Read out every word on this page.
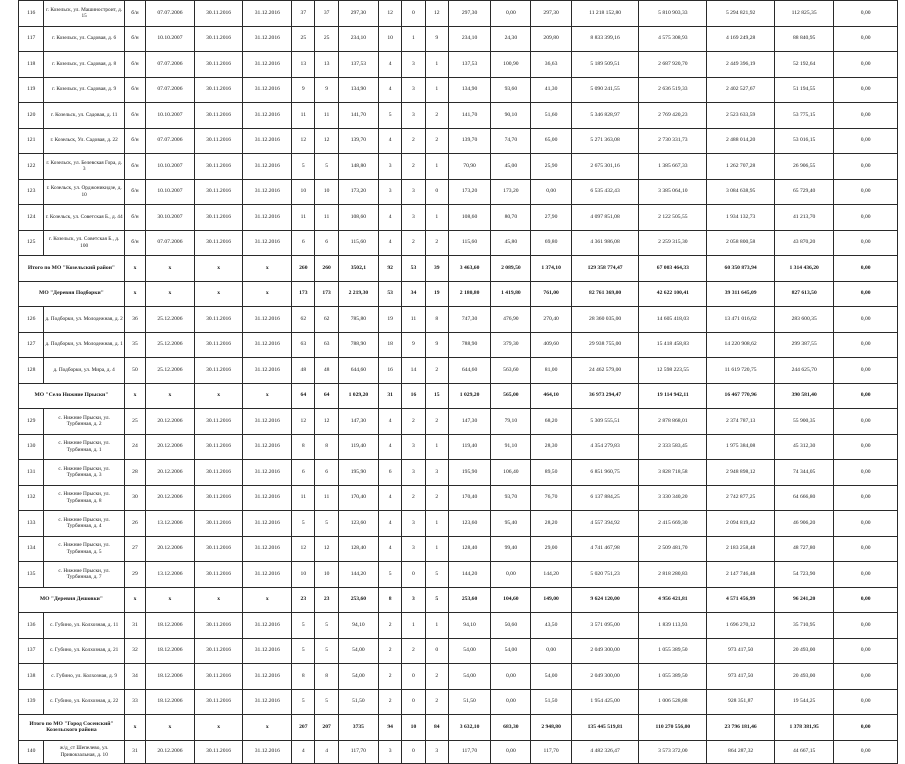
116	г. Козельск, ул. Машиностроит, д. 15	б/и	07.07.2006	30.11.2016	31.12.2016	37	37	297,30	12	0	12	297,30	0,00	297,30	11 218 152,80	5 810 903,33	5 294 821,92	112 825,35	0,00
117	г. Козельск, ул. Садовая, д. 6	б/н	10.10.2007	30.11.2016	31.12.2016	25	25	234,10	10	1	9	234,10	24,30	209,80	8 833 399,16	4 575 308,93	4 169 249,28	88 840,95	0,00
118	г. Козельск, ул. Садовая, д. 8	б/н	07.07.2006	30.11.2016	31.12.2016	13	13	137,53	4	3	1	137,53	100,90	36,63	5 189 509,51	2 687 920,70	2 449 396,19	52 192,64	0,00
119	г. Козельск, ул. Садовая, д. 9	б/н	07.07.2006	30.11.2016	31.12.2016	9	9	134,90	4	3	1	134,90	93,60	41,30	5 090 241,55	2 636 519,33	2 402 527,67	51 194,55	0,00
120	г. Козельск, ул. Садовая, д. 11	б/н	10.10.2007	30.11.2016	31.12.2016	11	11	141,70	5	3	2	141,70	90,10	51,60	5 346 828,97	2 769 420,23	2 523 633,59	53 775,15	0,00
121	г. Козельск, Ул. Садовая, д. 22	б/н	07.07.2006	30.11.2016	31.12.2016	12	12	139,70	4	2	2	139,70	74,70	65,00	5 271 363,08	2 730 331,73	2 488 014,20	53 016,15	0,00
122	г. Козельск, ул. Белевская Гора, д. 3	б/н	10.10.2007	30.11.2016	31.12.2016	5	5	148,80	3	2	1	70,90	45,00	25,90	2 675 301,16	1 385 667,33	1 262 707,28	26 906,55	0,00
123	г. Козельск, ул. Орджоникидзе, д. 10	б/н	10.10.2007	30.11.2016	31.12.2016	10	10	173,20	3	3	0	173,20	173,20	0,00	6 535 432,43	3 385 064,10	3 084 638,95	65 729,40	0,00
124	г. Козельск, ул. Советская Б., д. 44	б/н	30.10.2007	30.11.2016	31.12.2016	11	11	108,60	4	3	1	108,60	80,70	27,90	4 097 851,08	2 122 505,55	1 934 132,73	41 213,70	0,00
125	г. Козельск, ул. Советская Б., д. 100	б/н	07.07.2006	30.11.2016	31.12.2016	6	6	115,60	4	2	2	115,60	45,80	69,80	4 361 986,08	2 259 315,30	2 058 800,58	43 870,20	0,00
Итого по МО "Козельский район"		x	x	x	x	260	260	3502,1	92	53	39	3 463,60	2 089,50	1 374,10	129 358 774,47	67 003 464,33	60 350 873,94	1 314 436,20	0,00
МО "Деревня Подборки"		x	x	x	x	173	173	2 219,30	53	34	19	2 180,80	1 419,80	761,00	82 761 369,00	42 622 100,41	39 311 645,09	827 613,50	0,00
126	д. Подборки, ул. Молодежная, д. 2	36	25.12.2006	30.11.2016	31.12.2016	62	62	785,80	19	11	8	747,30	476,90	270,40	28 360 035,00	14 605 418,03	13 471 016,62	283 600,35	0,00
127	д. Подборки, ул. Молодежная, д. 1	35	25.12.2006	30.11.2016	31.12.2016	63	63	788,90	18	9	9	788,90	379,30	409,60	29 938 755,00	15 418 458,83	14 220 908,62	299 387,55	0,00
128	д. Подборки, ул. Мира, д. 4	50	25.12.2006	30.11.2016	31.12.2016	48	48	644,60	16	14	2	644,60	563,60	81,00	24 462 579,00	12 598 223,55	11 619 720,75	244 625,70	0,00
МО "Село Нижние Прыски"		x	x	x	x	64	64	1 029,20	31	16	15	1 029,20	565,00	464,10	36 973 294,47	19 114 942,11	16 467 770,96	390 581,40	0,00
129	с. Нижние Прыски, ул. Турбинная, д. 2	25	20.12.2006	30.11.2016	31.12.2016	12	12	147,30	4	2	2	147,30	79,10	68,20	5 309 555,51	2 878 868,01	2 374 787,13	55 900,35	0,00
130	с. Нижние Прыски, ул. Турбинная, д. 1	24	20.12.2006	30.11.2016	31.12.2016	8	8	119,40	4	3	1	119,40	91,10	28,30	4 354 279,83	2 333 583,45	1 975 384,08	45 312,30	0,00
131	с. Нижние Прыски, ул. Турбинная, д. 3	28	20.12.2006	30.11.2016	31.12.2016	6	6	195,90	6	3	3	195,90	106,40	89,50	6 851 960,75	3 828 718,58	2 948 898,12	74 344,05	0,00
132	с. Нижние Прыски, ул. Турбинная, д. 8	30	20.12.2006	30.11.2016	31.12.2016	11	11	170,40	4	2	2	170,40	93,70	76,70	6 137 884,25	3 330 340,20	2 742 877,25	64 666,80	0,00
133	с. Нижние Прыски, ул. Турбинная, д. 4	26	13.12.2006	30.11.2016	31.12.2016	5	5	123,60	4	3	1	123,60	95,40	28,20	4 557 394,92	2 415 669,30	2 094 819,42	46 906,20	0,00
134	с. Нижние Прыски, ул. Турбинная, д. 5	27	20.12.2006	30.11.2016	31.12.2016	12	12	128,40	4	3	1	128,40	99,40	29,00	4 741 467,98	2 509 481,70	2 183 258,48	48 727,80	0,00
135	с. Нижние Прыски, ул. Турбинная, д. 7	29	13.12.2006	30.11.2016	31.12.2016	10	10	144,20	5	0	5	144,20	0,00	144,20	5 020 751,23	2 818 280,83	2 147 746,48	54 723,90	0,00
МО "Деревня Дешовки"		x	x	x	x	23	23	253,60	8	3	5	253,60	104,60	149,00	9 624 120,00	4 956 421,81	4 571 456,99	96 241,20	0,00
136	с. Губино, ул. Колхозная, д. 11	31	18.12.2006	30.11.2016	31.12.2016	5	5	94,10	2	1	1	94,10	50,60	43,50	3 571 095,00	1 839 113,93	1 696 270,12	35 710,95	0,00
137	с. Губино, ул. Колхозная, д. 21	32	18.12.2006	30.11.2016	31.12.2016	5	5	54,00	2	2	0	54,00	54,00	0,00	2 049 300,00	1 055 389,50	973 417,50	20 493,00	0,00
138	с. Губино, ул. Колхозная, д. 9	34	18.12.2006	30.11.2016	31.12.2016	8	8	54,00	2	0	2	54,00	0,00	54,00	2 049 300,00	1 055 389,50	973 417,50	20 493,00	0,00
139	с. Губино, ул. Колхозная, д. 22	33	18.12.2006	30.11.2016	31.12.2016	5	5	51,50	2	0	2	51,50	0,00	51,50	1 954 425,00	1 006 528,88	928 351,87	19 544,25	0,00
Итого по МО "Город Сосенский" Козельского района		x	x	x	x	207	207	3735	94	10	84	3 632,10	683,30	2 948,80	135 445 519,81	110 270 556,00	23 796 181,46	1 378 381,95	0,00
140	ж/д_ст Шепелево, ул. Привокзальная, д. 10	31	20.12.2006	30.11.2016	31.12.2016	4	4	117,70	3	0	3	117,70	0,00	117,70	4 482 326,47	3 573 372,00	864 287,32	44 667,15	0,00
